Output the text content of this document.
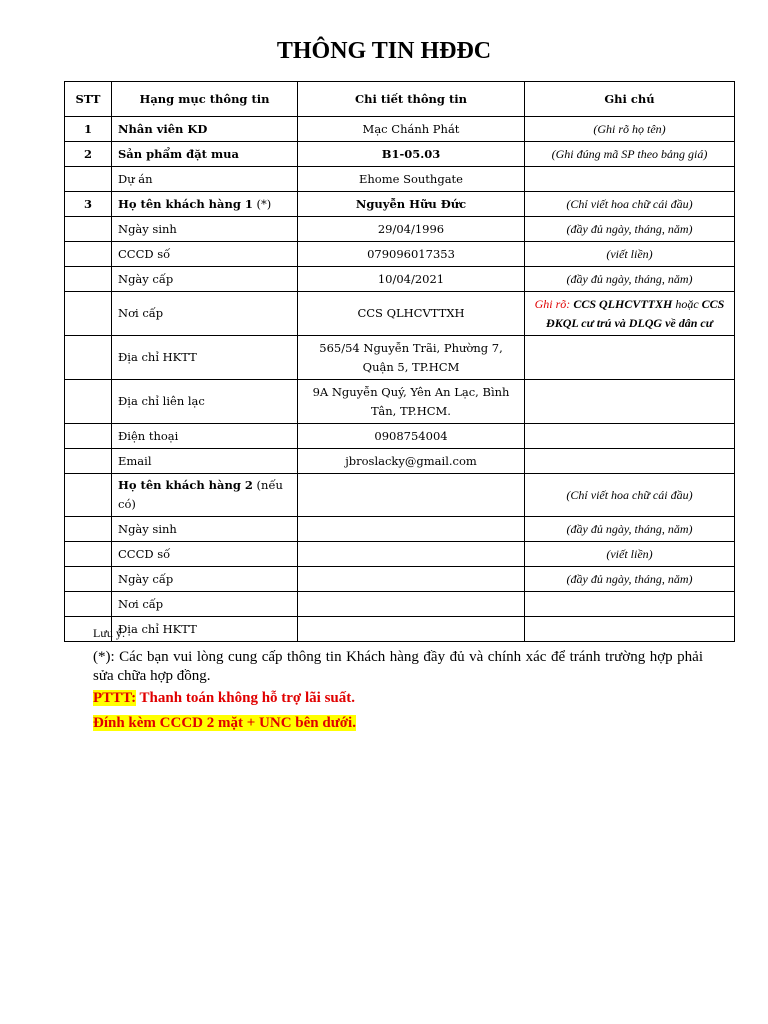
THÔNG TIN HĐĐC
STT	Hạng mục thông tin	Chi tiết thông tin	Ghi chú
1	Nhân viên KD	Mạc Chánh Phát	(Ghi rõ họ tên)
2	Sản phẩm đặt mua	B1-05.03	(Ghi đúng mã SP theo bảng giá)
	Dự án	Ehome Southgate	
3	Họ tên khách hàng 1 (*)	Nguyễn Hữu Đức	(Chỉ viết hoa chữ cái đầu)
	Ngày sinh	29/04/1996	(đầy đủ ngày, tháng, năm)
	CCCD số	079096017353	(viết liền)
	Ngày cấp	10/04/2021	(đầy đủ ngày, tháng, năm)
	Nơi cấp	CCS QLHCVTTXH	Ghi rõ: CCS QLHCVTTXH hoặc CCS ĐKQL cư trú và DLQG về dân cư
	Địa chỉ HKTT	565/54 Nguyễn Trãi, Phường 7, Quận 5, TP.HCM	
	Địa chỉ liên lạc	9A Nguyễn Quý, Yên An Lạc, Bình Tân, TP.HCM.	
	Điện thoại	0908754004	
	Email	jbroslacky@gmail.com	
	Họ tên khách hàng 2 (nếu có)		(Chỉ viết hoa chữ cái đầu)
	Ngày sinh		(đầy đủ ngày, tháng, năm)
	CCCD số		(viết liền)
	Ngày cấp		(đầy đủ ngày, tháng, năm)
	Nơi cấp		
	Địa chỉ HKTT		
Lưu ý:
(*): Các bạn vui lòng cung cấp thông tin Khách hàng đầy đủ và chính xác để tránh trường hợp phải sửa chữa hợp đồng.
PTTT: Thanh toán không hỗ trợ lãi suất.
Đính kèm CCCD 2 mặt + UNC bên dưới.
